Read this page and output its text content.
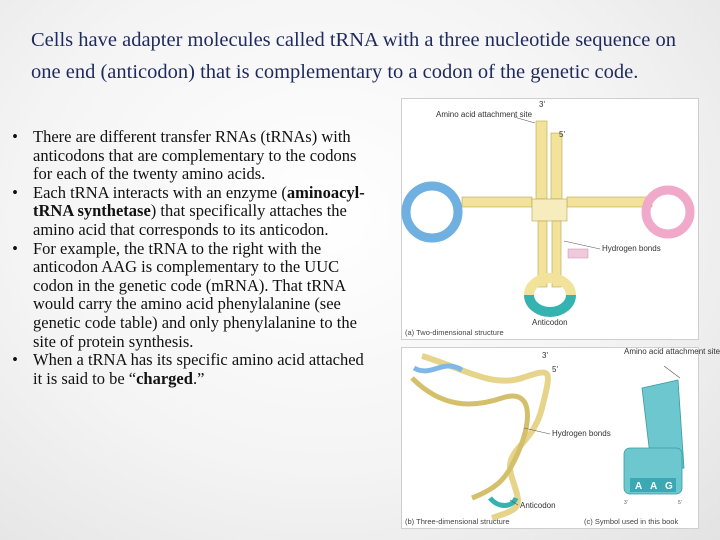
Cells have adapter molecules called tRNA with a three nucleotide sequence on one end (anticodon) that is complementary to a codon of the genetic code.
• There are different transfer RNAs (tRNAs) with anticodons that are complementary to the codons for each of the twenty amino acids.
• Each tRNA interacts with an enzyme (aminoacyl-tRNA synthetase) that specifically attaches the amino acid that corresponds to its anticodon.
• For example, the tRNA to the right with the anticodon AAG is complementary to the UUC codon in the genetic code (mRNA). That tRNA would carry the amino acid phenylalanine (see genetic code table) and only phenylalanine to the site of protein synthesis.
• When a tRNA has its specific amino acid attached it is said to be “charged.”
Amino acid attachment site
3'
5'
Hydrogen bonds
Anticodon
(a) Two-dimensional structure
3'
5'
Hydrogen bonds
Anticodon
(b) Three-dimensional structure
Amino acid attachment site
A A G
3'	5'
(c) Symbol used in this book
